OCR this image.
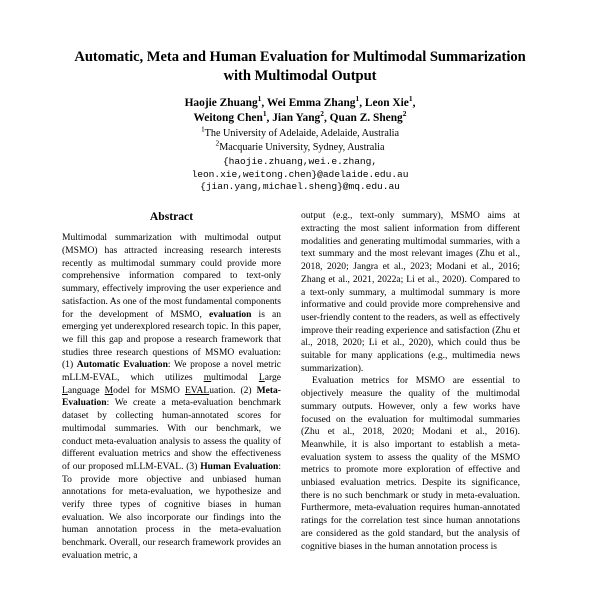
Automatic, Meta and Human Evaluation for Multimodal Summarization with Multimodal Output
Haojie Zhuang$^1$, Wei Emma Zhang$^1$, Leon Xie$^1$,
Weitong Chen$^1$, Jian Yang$^2$, Quan Z. Sheng$^2$
$^1$The University of Adelaide, Adelaide, Australia
$^2$Macquarie University, Sydney, Australia
{haojie.zhuang,wei.e.zhang,
leon.xie,weitong.chen}@adelaide.edu.au
{jian.yang,michael.sheng}@mq.edu.au
Abstract

Multimodal summarization with multimodal output (MSMO) has attracted increasing research interests recently as multimodal summary could provide more comprehensive information compared to text-only summary, effectively improving the user experience and satisfaction. As one of the most fundamental components for the development of MSMO, evaluation is an emerging yet underexplored research topic. In this paper, we fill this gap and propose a research framework that studies three research questions of MSMO evaluation: (1) Automatic Evaluation: We propose a novel metric mLLM-EVAL, which utilizes multimodal Large Language Model for MSMO EVALuation. (2) Meta-Evaluation: We create a meta-evaluation benchmark dataset by collecting human-annotated scores for multimodal summaries. With our benchmark, we conduct meta-evaluation analysis to assess the quality of different evaluation metrics and show the effectiveness of our proposed mLLM-EVAL. (3) Human Evaluation: To provide more objective and unbiased human annotations for meta-evaluation, we hypothesize and verify three types of cognitive biases in human evaluation. We also incorporate our findings into the human annotation process in the meta-evaluation benchmark. Overall, our research framework provides an evaluation metric, a

output (e.g., text-only summary), MSMO aims at extracting the most salient information from different modalities and generating multimodal summaries, with a text summary and the most relevant images (Zhu et al., 2018, 2020; Jangra et al., 2023; Modani et al., 2016; Zhang et al., 2021, 2022a; Li et al., 2020). Compared to a text-only summary, a multimodal summary is more informative and could provide more comprehensive and user-friendly content to the readers, as well as effectively improve their reading experience and satisfaction (Zhu et al., 2018, 2020; Li et al., 2020), which could thus be suitable for many applications (e.g., multimedia news summarization).

Evaluation metrics for MSMO are essential to objectively measure the quality of the multimodal summary outputs. However, only a few works have focused on the evaluation for multimodal summaries (Zhu et al., 2018, 2020; Modani et al., 2016). Meanwhile, it is also important to establish a meta-evaluation system to assess the quality of the MSMO metrics to promote more exploration of effective and unbiased evaluation metrics. Despite its significance, there is no such benchmark or study in meta-evaluation. Furthermore, meta-evaluation requires human-annotated ratings for the correlation test since human annotations are considered as the gold standard, but the analysis of cognitive biases in the human annotation process is
